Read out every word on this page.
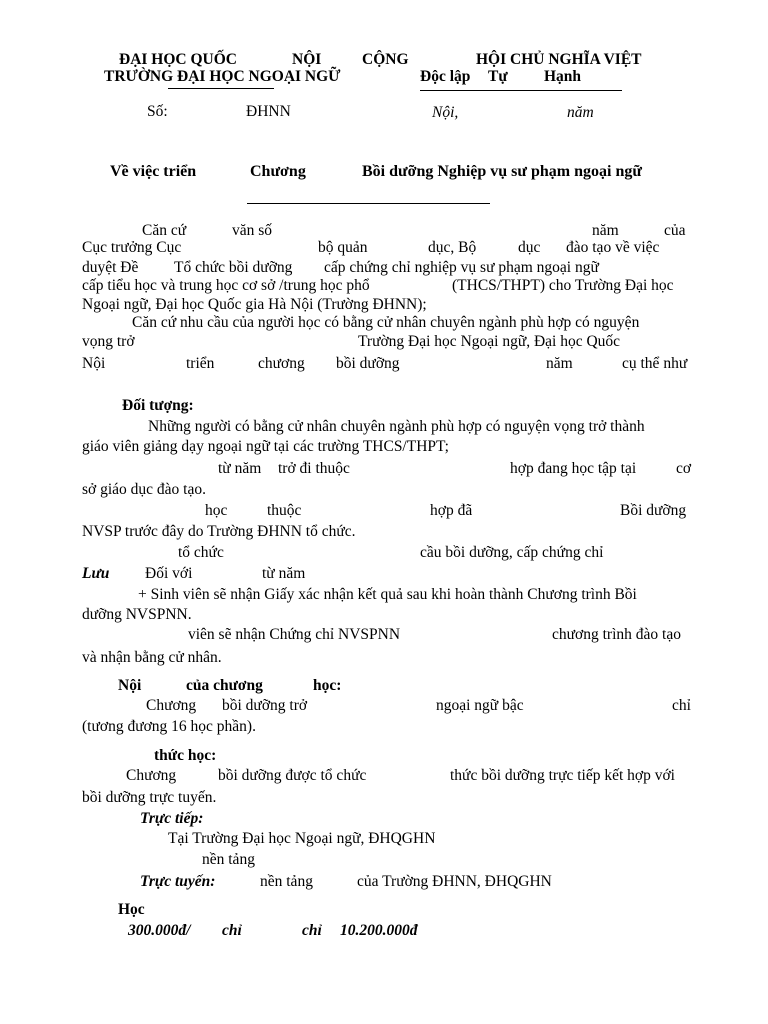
ĐẠI HỌC QUỐC	NỘI
TRƯỜNG ĐẠI HỌC NGOẠI NGỮ
CỘNG	HỘI CHỦ NGHĨA VIỆT
Độc lập Tự Hạnh
Số:	ĐHNN	Nội,	năm
Về việc triển	Chương	Bồi dưỡng Nghiệp vụ sư phạm ngoại ngữ
Căn cứ	văn số	năm	của
Cục trưởng Cục	bộ quản	dục, Bộ	dục đào tạo về việc
duyệt Đề Tổ chức bồi dưỡng cấp chứng chỉ nghiệp vụ sư phạm ngoại ngữ
cấp tiểu học và trung học cơ sở /trung học phổ	(THCS/THPT) cho Trường Đại học
Ngoại ngữ, Đại học Quốc gia Hà Nội (Trường ĐHNN);
Căn cứ nhu cầu của người học có bằng cử nhân chuyên ngành phù hợp có nguyện
vọng trở	Trường Đại học Ngoại ngữ, Đại học Quốc
Nội	triển	chương bồi dưỡng	năm	cụ thể như
Đối tượng:
Những người có bằng cử nhân chuyên ngành phù hợp có nguyện vọng trở thành
giáo viên giảng dạy ngoại ngữ tại các trường THCS/THPT;
từ năm trở đi thuộc	hợp đang học tập tại	cơ
sở giáo dục đào tạo.
học	thuộc	hợp đã	Bồi dưỡng
NVSP trước đây do Trường ĐHNN tổ chức.
tổ chức	cầu bồi dưỡng, cấp chứng chỉ
Lưu Đối với	từ năm
+ Sinh viên sẽ nhận Giấy xác nhận kết quả sau khi hoàn thành Chương trình Bồi
dưỡng NVSPNN.
viên sẽ nhận Chứng chỉ NVSPNN	chương trình đào tạo
và nhận bằng cử nhân.
Nội	của chương	học:
Chương bồi dưỡng trở	ngoại ngữ bậc	chỉ
(tương đương 16 học phần).
thức học:
Chương	bồi dưỡng được tổ chức	thức bồi dưỡng trực tiếp kết hợp với
bồi dưỡng trực tuyến.
Trực tiếp:
Tại Trường Đại học Ngoại ngữ, ĐHQGHN
nền tảng
Trực tuyến:	nền tảng	của Trường ĐHNN, ĐHQGHN
Học
300.000đ/ chỉ	chỉ 10.200.000đ
